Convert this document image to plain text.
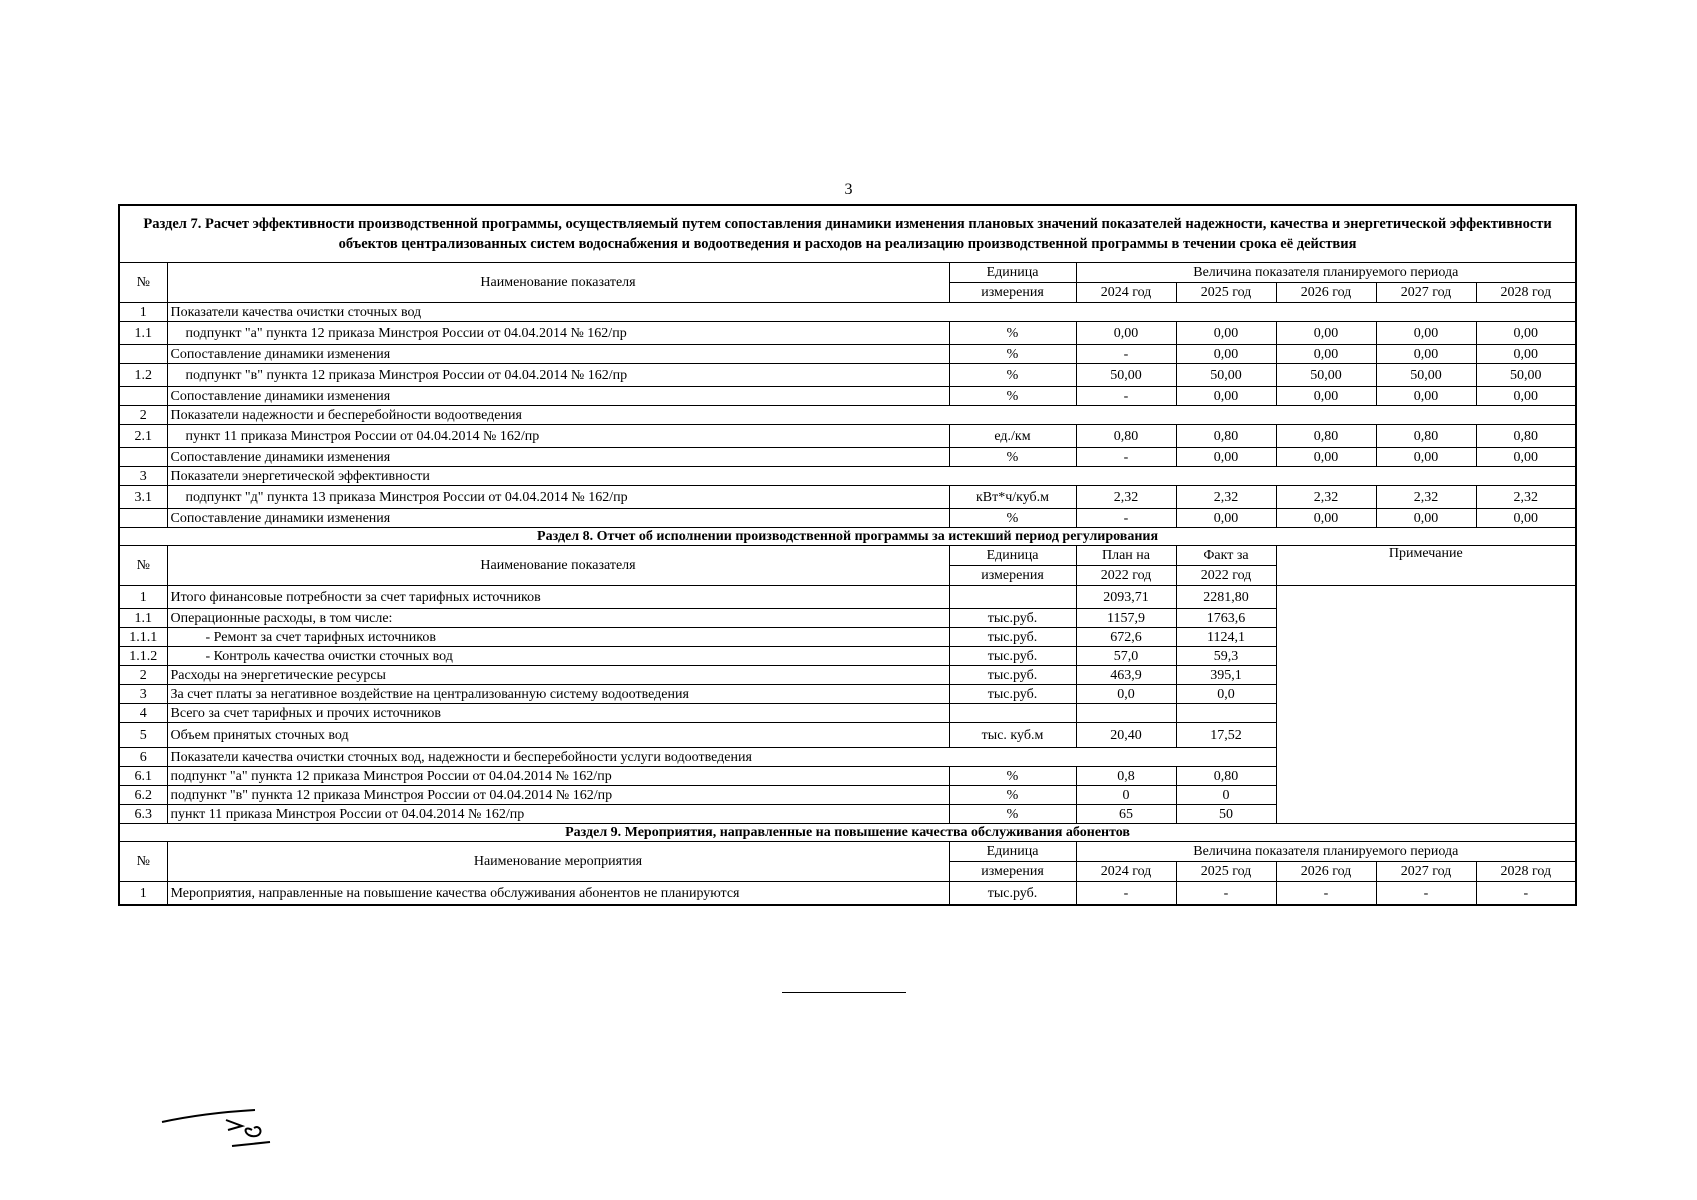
3
Раздел 7. Расчет эффективности производственной программы, осуществляемый путем сопоставления динамики изменения плановых значений показателей надежности, качества и энергетической эффективности объектов централизованных систем водоснабжения и водоотведения и расходов на реализацию производственной программы в течении срока её действия							
№	Наименование показателя	Единица	Величина показателя планируемого периода				
		измерения	2024 год	2025 год	2026 год	2027 год	2028 год
1	Показатели качества очистки сточных вод						
1.1	подпункт "а" пункта 12 приказа Минстроя России от 04.04.2014 № 162/пр	%	0,00	0,00	0,00	0,00	0,00
	Сопоставление динамики изменения	%	-	0,00	0,00	0,00	0,00
1.2	подпункт "в" пункта 12 приказа Минстроя России от 04.04.2014 № 162/пр	%	50,00	50,00	50,00	50,00	50,00
	Сопоставление динамики изменения	%	-	0,00	0,00	0,00	0,00
2	Показатели надежности и бесперебойности водоотведения						
2.1	пункт 11 приказа Минстроя России от 04.04.2014 № 162/пр	ед./км	0,80	0,80	0,80	0,80	0,80
	Сопоставление динамики изменения	%	-	0,00	0,00	0,00	0,00
3	Показатели энергетической эффективности						
3.1	подпункт "д" пункта 13 приказа Минстроя России от 04.04.2014 № 162/пр	кВт*ч/куб.м	2,32	2,32	2,32	2,32	2,32
	Сопоставление динамики изменения	%	-	0,00	0,00	0,00	0,00
Раздел 8. Отчет об исполнении производственной программы за истекший период регулирования							
№	Наименование показателя	Единица	План на	Факт за	Примечание		
		измерения	2022 год	2022 год			
1	Итого финансовые потребности за счет тарифных источников		2093,71	2281,80			
1.1	Операционные расходы, в том числе:	тыс.руб.	1157,9	1763,6			
1.1.1	- Ремонт за счет тарифных источников	тыс.руб.	672,6	1124,1			
1.1.2	- Контроль качества очистки сточных вод	тыс.руб.	57,0	59,3			
2	Расходы на энергетические ресурсы	тыс.руб.	463,9	395,1			
3	За счет платы за негативное воздействие на централизованную систему водоотведения	тыс.руб.	0,0	0,0			
4	Всего за счет тарифных и прочих источников						
5	Объем принятых сточных вод	тыс. куб.м	20,40	17,52			
6	Показатели качества очистки сточных вод, надежности и бесперебойности услуги водоотведения						
6.1	подпункт "а" пункта 12 приказа Минстроя России от 04.04.2014 № 162/пр	%	0,8	0,80			
6.2	подпункт "в" пункта 12 приказа Минстроя России от 04.04.2014 № 162/пр	%	0	0			
6.3	пункт 11 приказа Минстроя России от 04.04.2014 № 162/пр	%	65	50			
Раздел 9. Мероприятия, направленные на повышение качества обслуживания абонентов							
№	Наименование мероприятия	Единица	Величина показателя планируемого периода				
		измерения	2024 год	2025 год	2026 год	2027 год	2028 год
1	Мероприятия, направленные на повышение качества обслуживания абонентов не планируются	тыс.руб.	-	-	-	-	-
